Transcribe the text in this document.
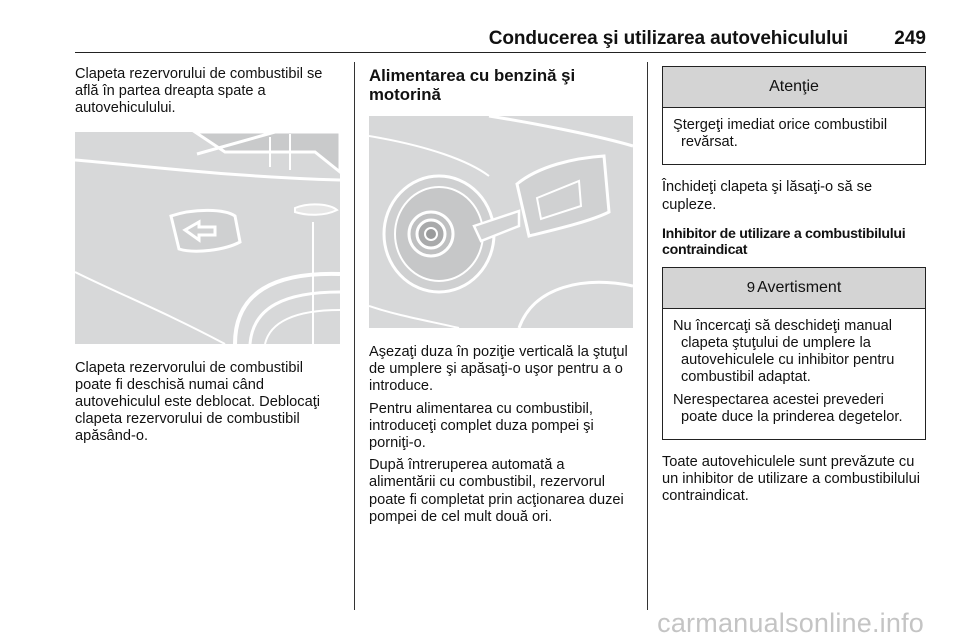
Conducerea şi utilizarea autovehiculului 249

Clapeta rezervorului de combustibil se află în partea dreapta spate a autovehiculului.

Clapeta rezervorului de combustibil poate fi deschisă numai când autovehiculul este deblocat. Deblocaţi clapeta rezervorului de combustibil apăsând-o.

Alimentarea cu benzină şi motorină

Aşezaţi duza în poziţie verticală la ştuţul de umplere şi apăsaţi-o uşor pentru a o introduce.

Pentru alimentarea cu combustibil, introduceţi complet duza pompei şi porniţi-o.

După întreruperea automată a alimentării cu combustibil, rezervorul poate fi completat prin acţionarea duzei pompei de cel mult două ori.

Atenţie

Ştergeţi imediat orice combustibil revărsat.

Închideţi clapeta şi lăsaţi-o să se cupleze.

Inhibitor de utilizare a combustibilului contraindicat
9 Avertisment

Nu încercaţi să deschideţi manual clapeta ştuţului de umplere la autovehiculele cu inhibitor pentru combustibil adaptat.

Nerespectarea acestei prevederi poate duce la prinderea degetelor.

Toate autovehiculele sunt prevăzute cu un inhibitor de utilizare a combustibilului contraindicat.

carmanualsonline.info
